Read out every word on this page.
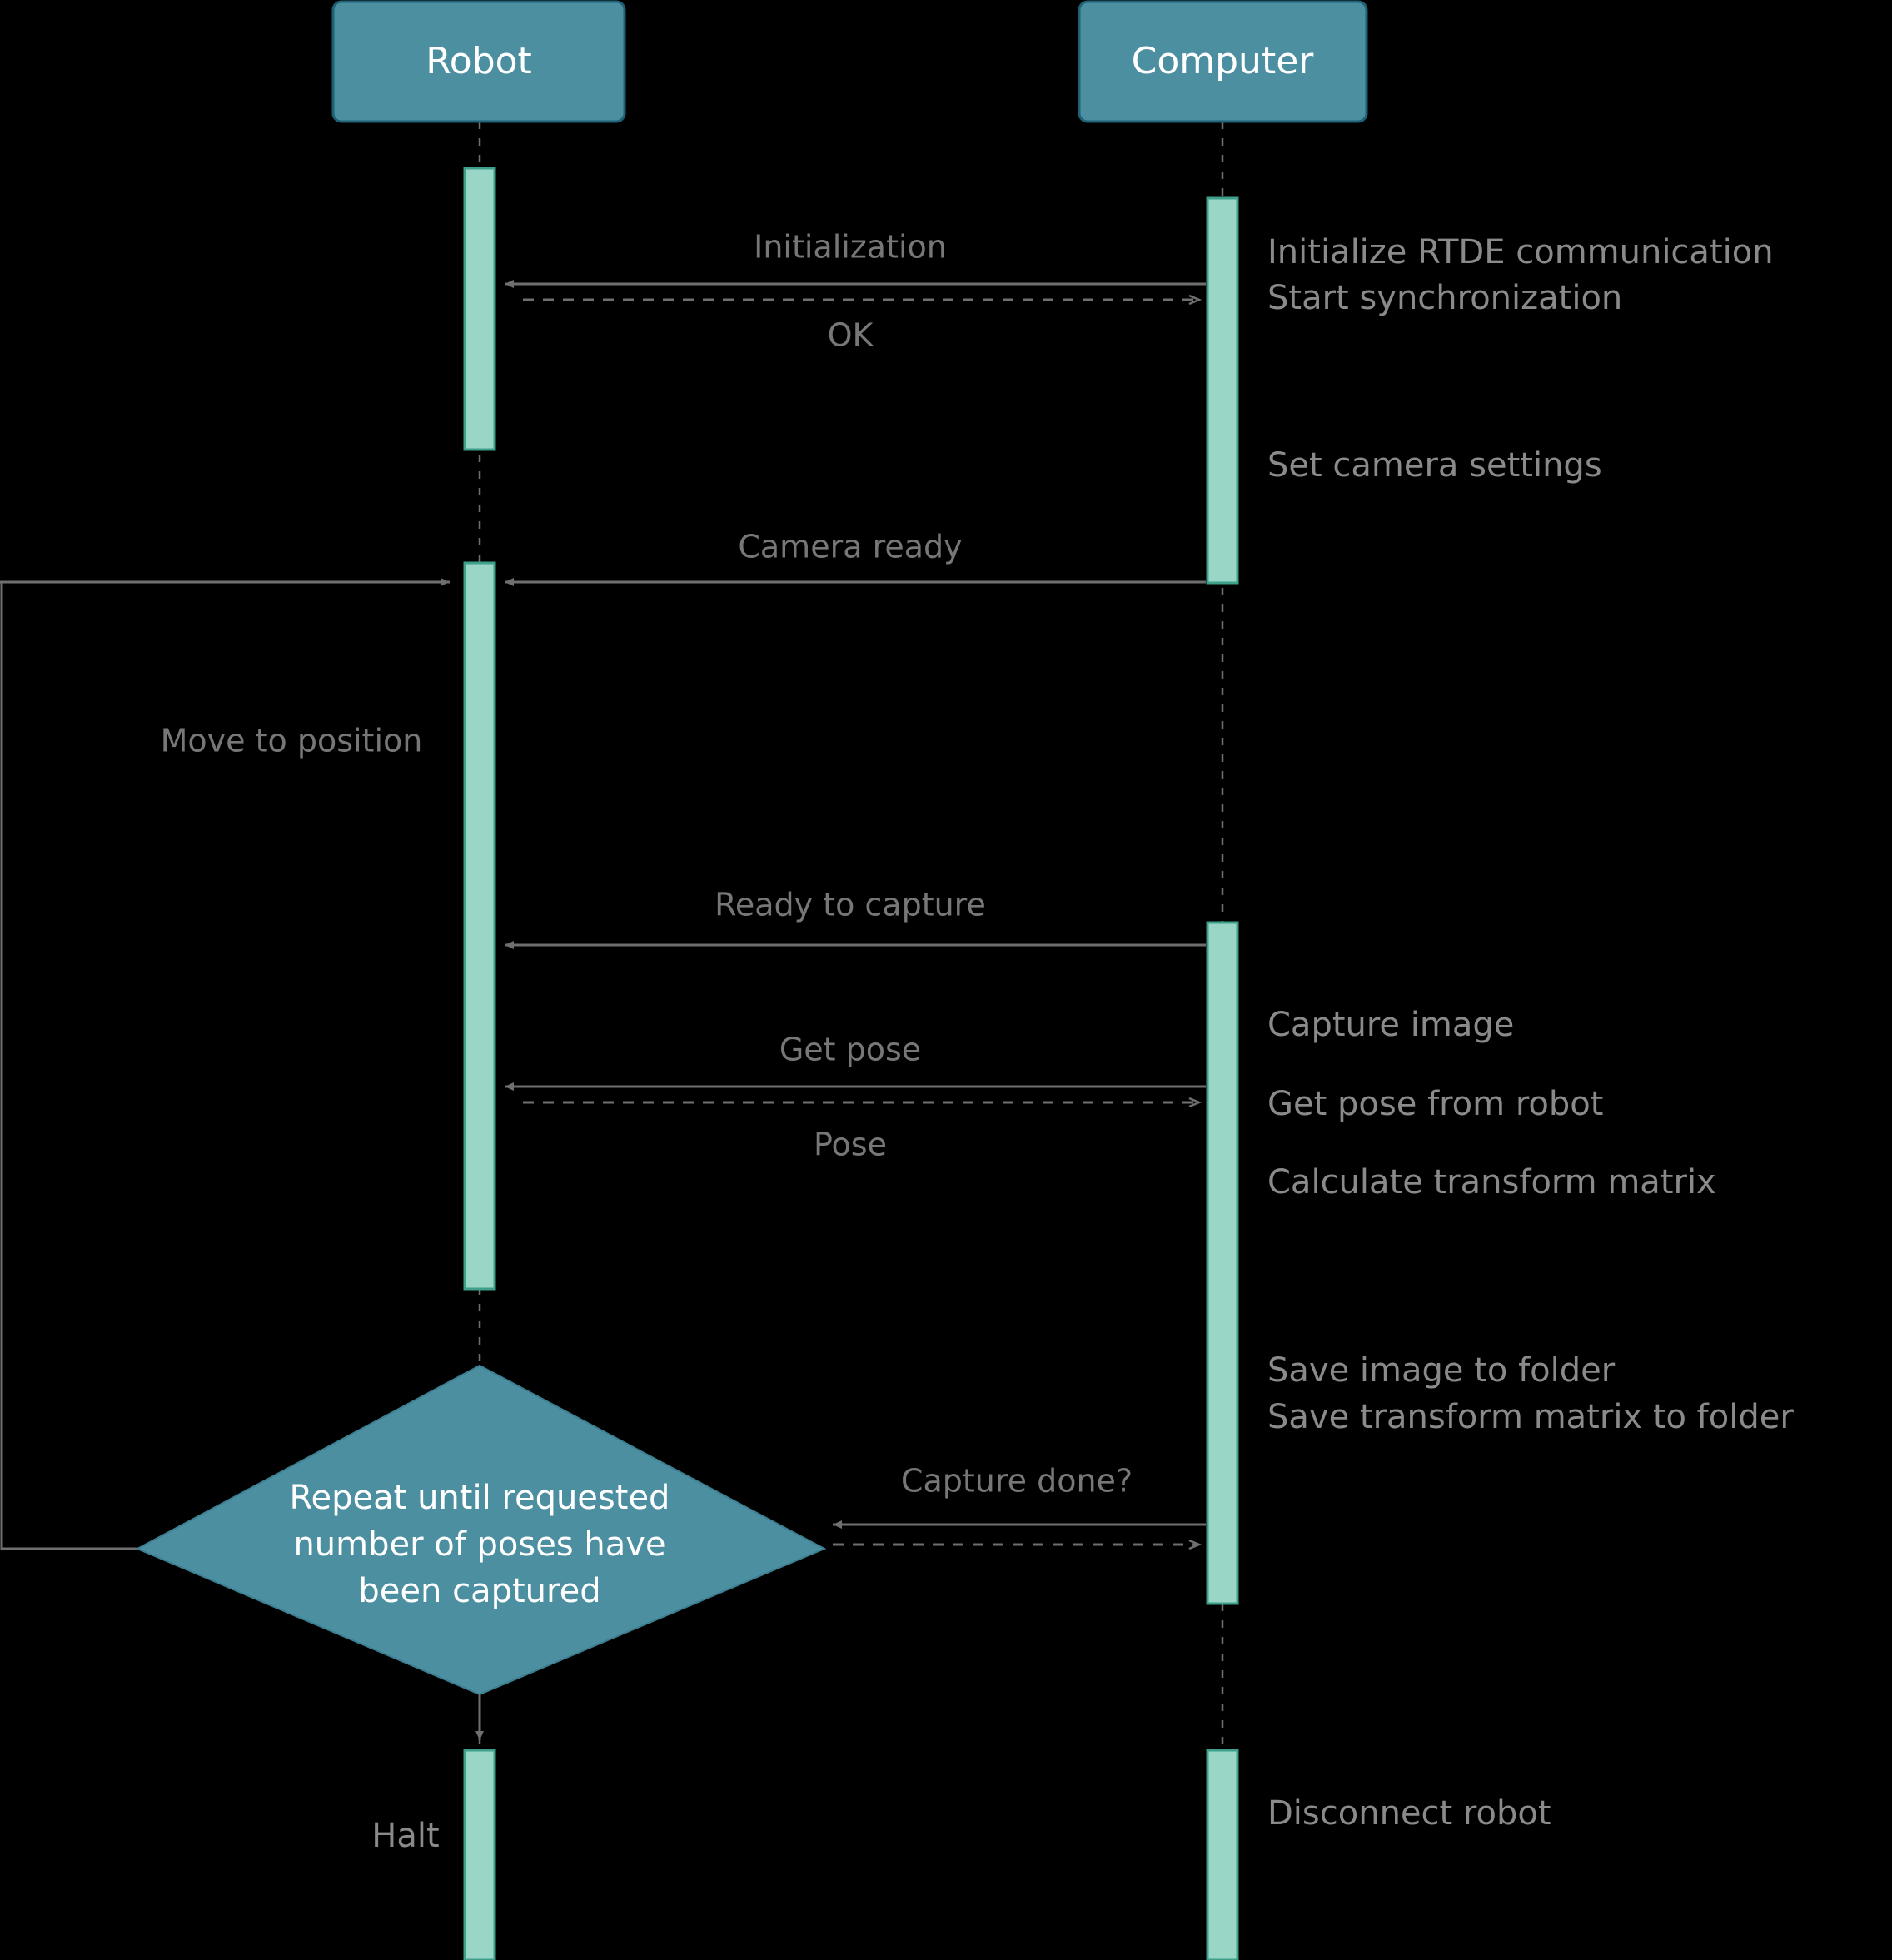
Robot	Computer
Initialization
OK
Initialize RTDE communication
Start synchronization
Set camera settings
Camera ready
Move to position
Ready to capture
Capture image
Get pose
Pose
Get pose from robot
Calculate transform matrix
Save image to folder
Save transform matrix to folder
Repeat until requested
number of poses have
been captured
Capture done?
Halt
Disconnect robot
